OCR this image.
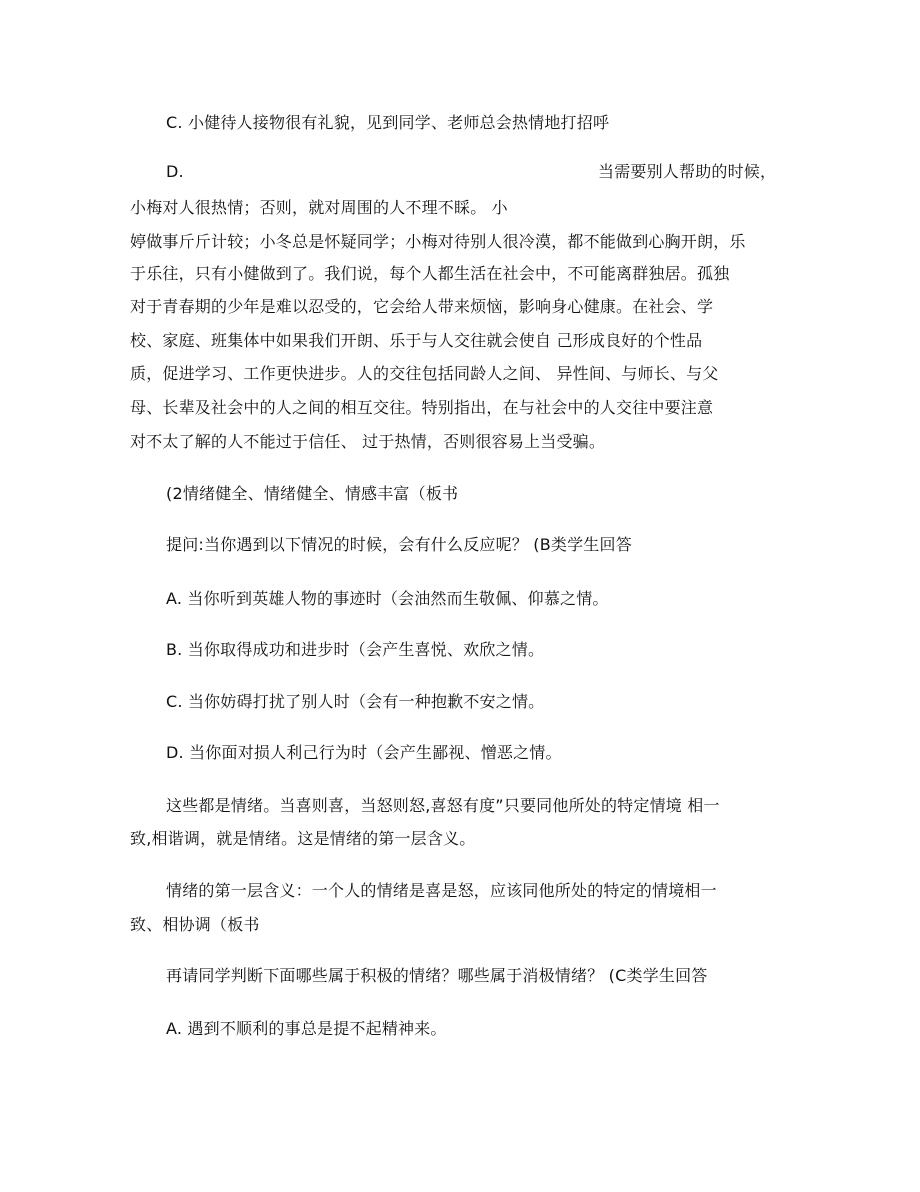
C. 小健待人接物很有礼貌，见到同学、老师总会热情地打招呼
D.	当需要别人帮助的时候，
小梅对人很热情；否则，就对周围的人不理不睬。 小
婷做事斤斤计较；小冬总是怀疑同学；小梅对待别人很冷漠，都不能做到心胸开朗，乐
于乐往，只有小健做到了。我们说，每个人都生活在社会中，不可能离群独居。孤独
对于青春期的少年是难以忍受的，它会给人带来烦恼，影响身心健康。在社会、学
校、家庭、班集体中如果我们开朗、乐于与人交往就会使自 己形成良好的个性品
质，促进学习、工作更快进步。人的交往包括同龄人之间、 异性间、与师长、与父
母、长辈及社会中的人之间的相互交往。特别指出，在与社会中的人交往中要注意
对不太了解的人不能过于信任、 过于热情，否则很容易上当受骗。
(2情绪健全、情绪健全、情感丰富（板书
提问:当你遇到以下情况的时候，会有什么反应呢？ (B类学生回答
A. 当你听到英雄人物的事迹时（会油然而生敬佩、仰慕之情。
B. 当你取得成功和进步时（会产生喜悦、欢欣之情。
C. 当你妨碍打扰了别人时（会有一种抱歉不安之情。
D. 当你面对损人利己行为时（会产生鄙视、憎恶之情。
这些都是情绪。当喜则喜，当怒则怒,喜怒有度”只要同他所处的特定情境 相一
致,相谐调，就是情绪。这是情绪的第一层含义。
情绪的第一层含义：一个人的情绪是喜是怒，应该同他所处的特定的情境相一
致、相协调（板书
再请同学判断下面哪些属于积极的情绪？哪些属于消极情绪？ (C类学生回答
A. 遇到不顺利的事总是提不起精神来。
